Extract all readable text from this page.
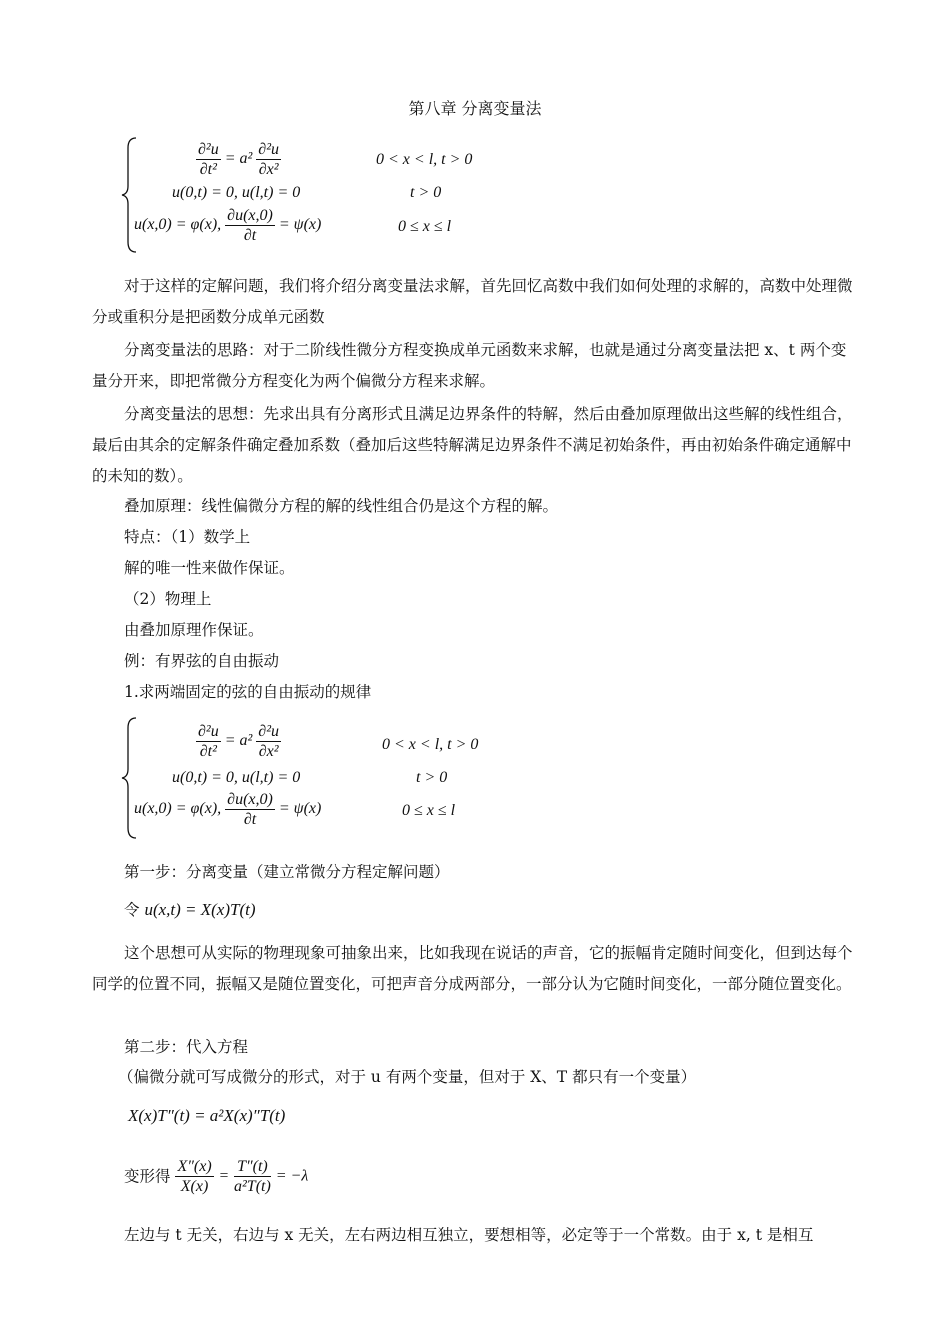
第八章 分离变量法
$\frac{\text{∂²u}}{\text{∂t²}} = a^2 \frac{\text{∂²u}}{\text{∂x²}}$	0 < x < l, t > 0
u(0,t) = 0, u(l,t) = 0	t > 0
u(x,0) = φ(x), $\frac{\partial u(x,0)}{\partial t} = \psi(x)$	0 ≤ x ≤ l
对于这样的定解问题，我们将介绍分离变量法求解，首先回忆高数中我们如何处理的求解的，高数中处理微分或重积分是把函数分成单元函数
分离变量法的思路：对于二阶线性微分方程变换成单元函数来求解，也就是通过分离变量法把 x、t 两个变量分开来，即把常微分方程变化为两个偏微分方程来求解。
分离变量法的思想：先求出具有分离形式且满足边界条件的特解，然后由叠加原理做出这些解的线性组合，最后由其余的定解条件确定叠加系数（叠加后这些特解满足边界条件不满足初始条件，再由初始条件确定通解中的未知的数）。
叠加原理：线性偏微分方程的解的线性组合仍是这个方程的解。
特点：（1）数学上
解的唯一性来做作保证。
（2）物理上
由叠加原理作保证。
例：有界弦的自由振动
1.求两端固定的弦的自由振动的规律
$\frac{\text{∂²u}}{\text{∂t²}} = a^2 \frac{\text{∂²u}}{\text{∂x²}}$	0 < x < l, t > 0
u(0,t) = 0, u(l,t) = 0	t > 0
u(x,0) = φ(x), $\frac{\partial u(x,0)}{\partial t} = \psi(x)$	0 ≤ x ≤ l
第一步：分离变量（建立常微分方程定解问题）
令 u(x,t) = X(x)T(t)
这个思想可从实际的物理现象可抽象出来，比如我现在说话的声音，它的振幅肯定随时间变化，但到达每个同学的位置不同，振幅又是随位置变化，可把声音分成两部分，一部分认为它随时间变化，一部分随位置变化。
第二步：代入方程
（偏微分就可写成微分的形式，对于 u 有两个变量，但对于 X、T 都只有一个变量）
X(x)T″(t) = a²X(x)″T(t)
变形得 $\frac{X''(x)}{X(x)} = \frac{T''(t)}{\text{a²T(t)}} = -\lambda$
左边与 t 无关，右边与 x 无关，左右两边相互独立，要想相等，必定等于一个常数。由于 x, t 是相互
